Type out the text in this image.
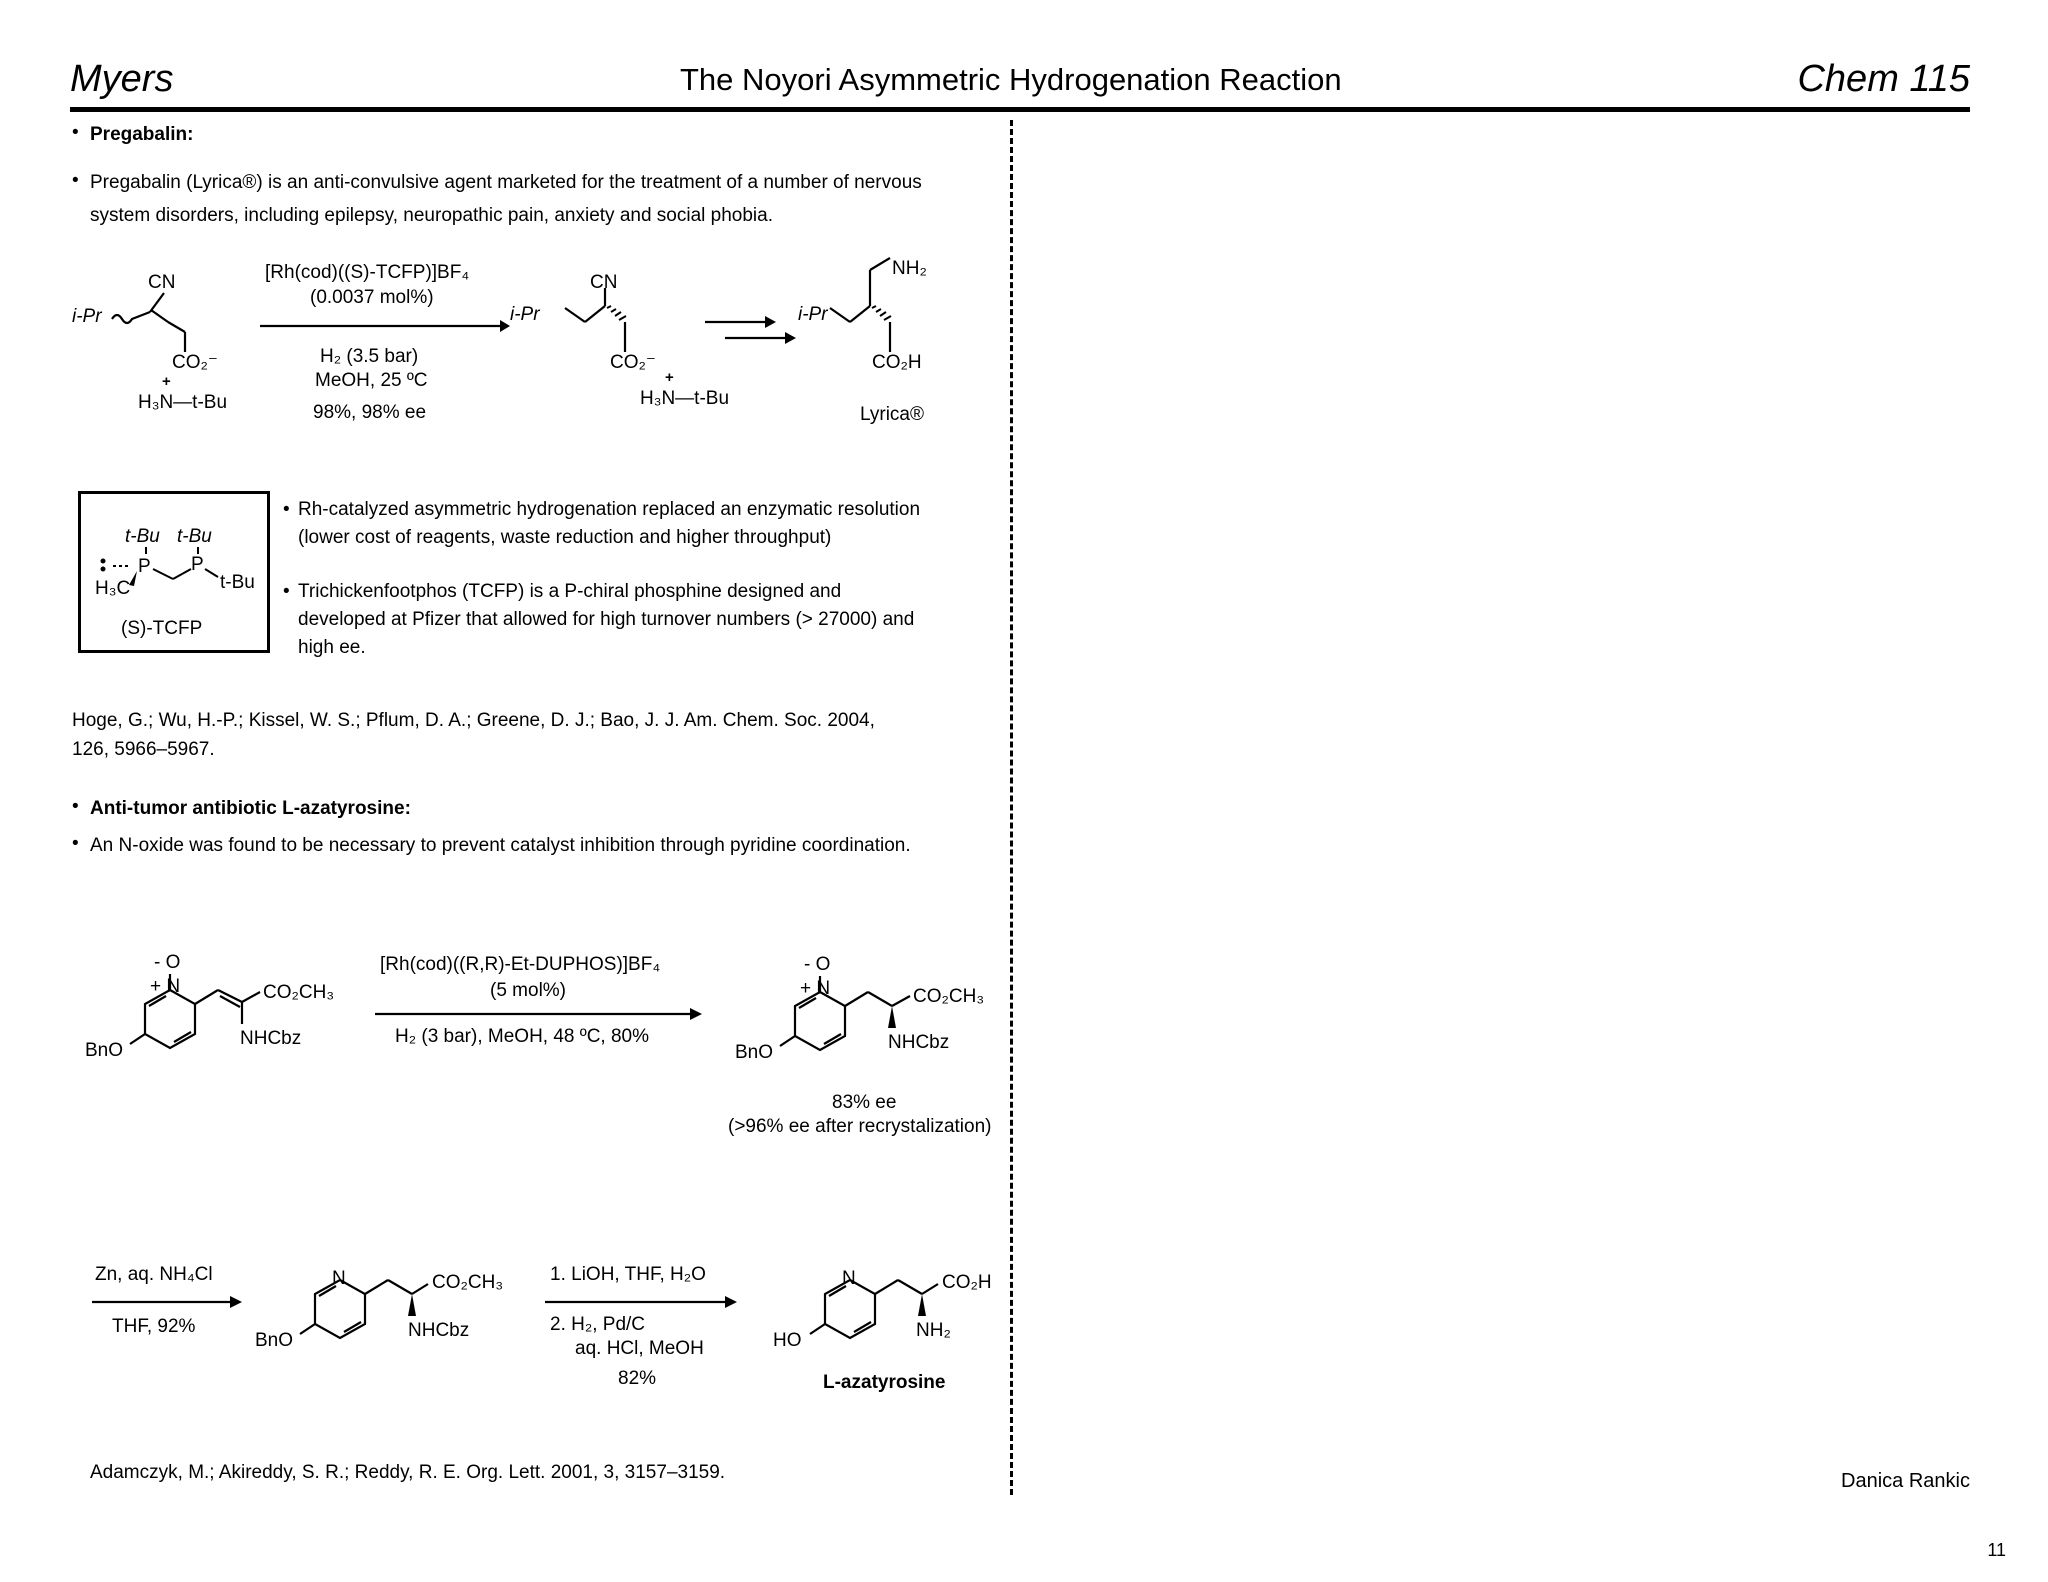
Myers	The Noyori Asymmetric Hydrogenation Reaction	Chem 115
• Pregabalin:
• Pregabalin (Lyrica®) is an anti-convulsive agent marketed for the treatment of a number of nervous
system disorders, including epilepsy, neuropathic pain, anxiety and social phobia.
CN
i-Pr
CO₂⁻
+
H₃N—t-Bu
[Rh(cod)((S)-TCFP)]BF₄
(0.0037 mol%)
H₂ (3.5 bar)
MeOH, 25 ºC
98%, 98% ee
CN
i-Pr
CO₂⁻
+
H₃N—t-Bu
NH₂
i-Pr
CO₂H
Lyrica®
t-Bu t-Bu
P P
H₃C	t-Bu
(S)-TCFP
• Rh-catalyzed asymmetric hydrogenation replaced an enzymatic resolution
(lower cost of reagents, waste reduction and higher throughput)
• Trichickenfootphos (TCFP) is a P-chiral phosphine designed and
developed at Pfizer that allowed for high turnover numbers (> 27000) and
high ee.
Hoge, G.; Wu, H.-P.; Kissel, W. S.; Pflum, D. A.; Greene, D. J.; Bao, J. J. Am. Chem. Soc. 2004,
126, 5966–5967.
• Anti-tumor antibiotic L-azatyrosine:
• An N-oxide was found to be necessary to prevent catalyst inhibition through pyridine coordination.
- O
+ N	CO₂CH₃
NHCbz
BnO
[Rh(cod)((R,R)-Et-DUPHOS)]BF₄
(5 mol%)
H₂ (3 bar), MeOH, 48 ºC, 80%
- O
+ N	CO₂CH₃
NHCbz
BnO
83% ee
(>96% ee after recrystalization)
Zn, aq. NH₄Cl
THF, 92%
N	CO₂CH₃
NHCbz
BnO
1. LiOH, THF, H₂O
2. H₂, Pd/C
aq. HCl, MeOH
82%
N	CO₂H
NH₂
HO
L-azatyrosine
Adamczyk, M.; Akireddy, S. R.; Reddy, R. E. Org. Lett. 2001, 3, 3157–3159.	Danica Rankic
11
